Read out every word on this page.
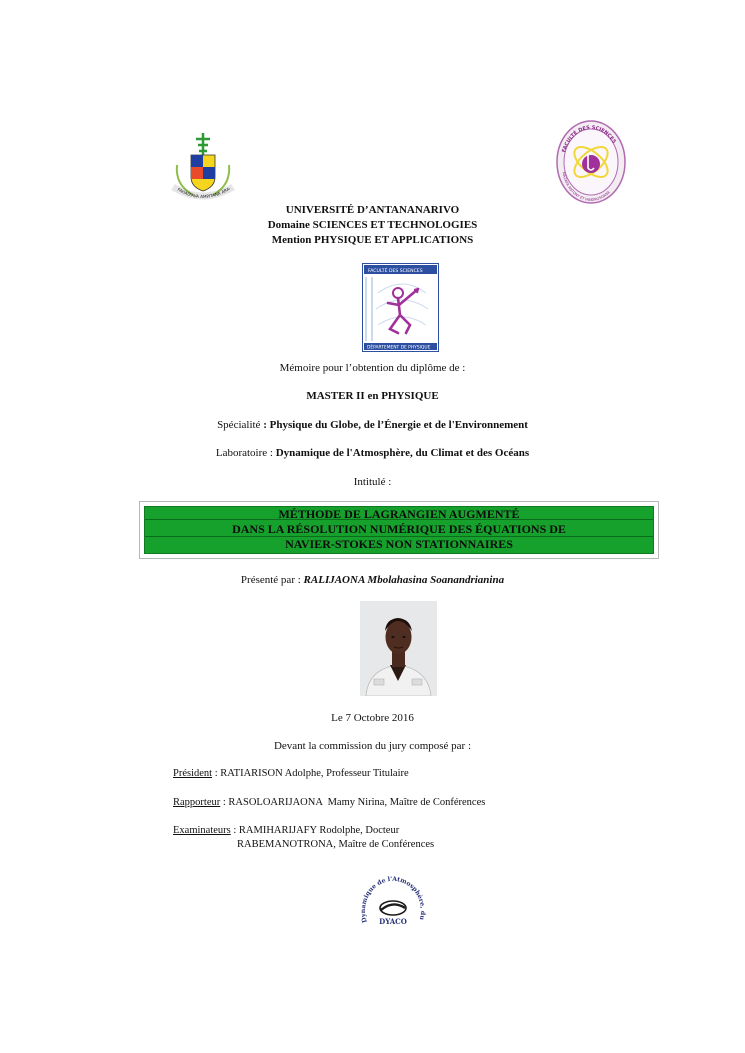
FAHAIZAVA AMPITANA ARA-
FACULTÉ DES SCIENCES
MAZAVA ANTONY ET FANDROSOANA
UNIVERSITÉ D’ANTANANARIVO
Domaine SCIENCES ET TECHNOLOGIES
Mention PHYSIQUE ET APPLICATIONS
FACULTÉ DES SCIENCES
DÉPARTEMENT DE PHYSIQUE
Mémoire pour l’obtention du diplôme de :
MASTER II en PHYSIQUE
Spécialité : Physique du Globe, de l’Énergie et de l'Environnement
Laboratoire : Dynamique de l'Atmosphère, du Climat et des Océans
Intitulé :
MÉTHODE DE LAGRANGIEN AUGMENTÉ
DANS LA RÉSOLUTION NUMÉRIQUE DES ÉQUATIONS DE
NAVIER-STOKES NON STATIONNAIRES
Présenté par : RALIJAONA Mbolahasina Soanandrianina
Le 7 Octobre 2016
Devant la commission du jury composé par :
Président : RATIARISON Adolphe, Professeur Titulaire
Rapporteur : RASOLOARIJAONA  Mamy Nirina, Maître de Conférences
Examinateurs : RAMIHARIJAFY Rodolphe, Docteur
RABEMANOTRONA, Maître de Conférences
Dynamique de l'Atmosphère, du
DYACO
